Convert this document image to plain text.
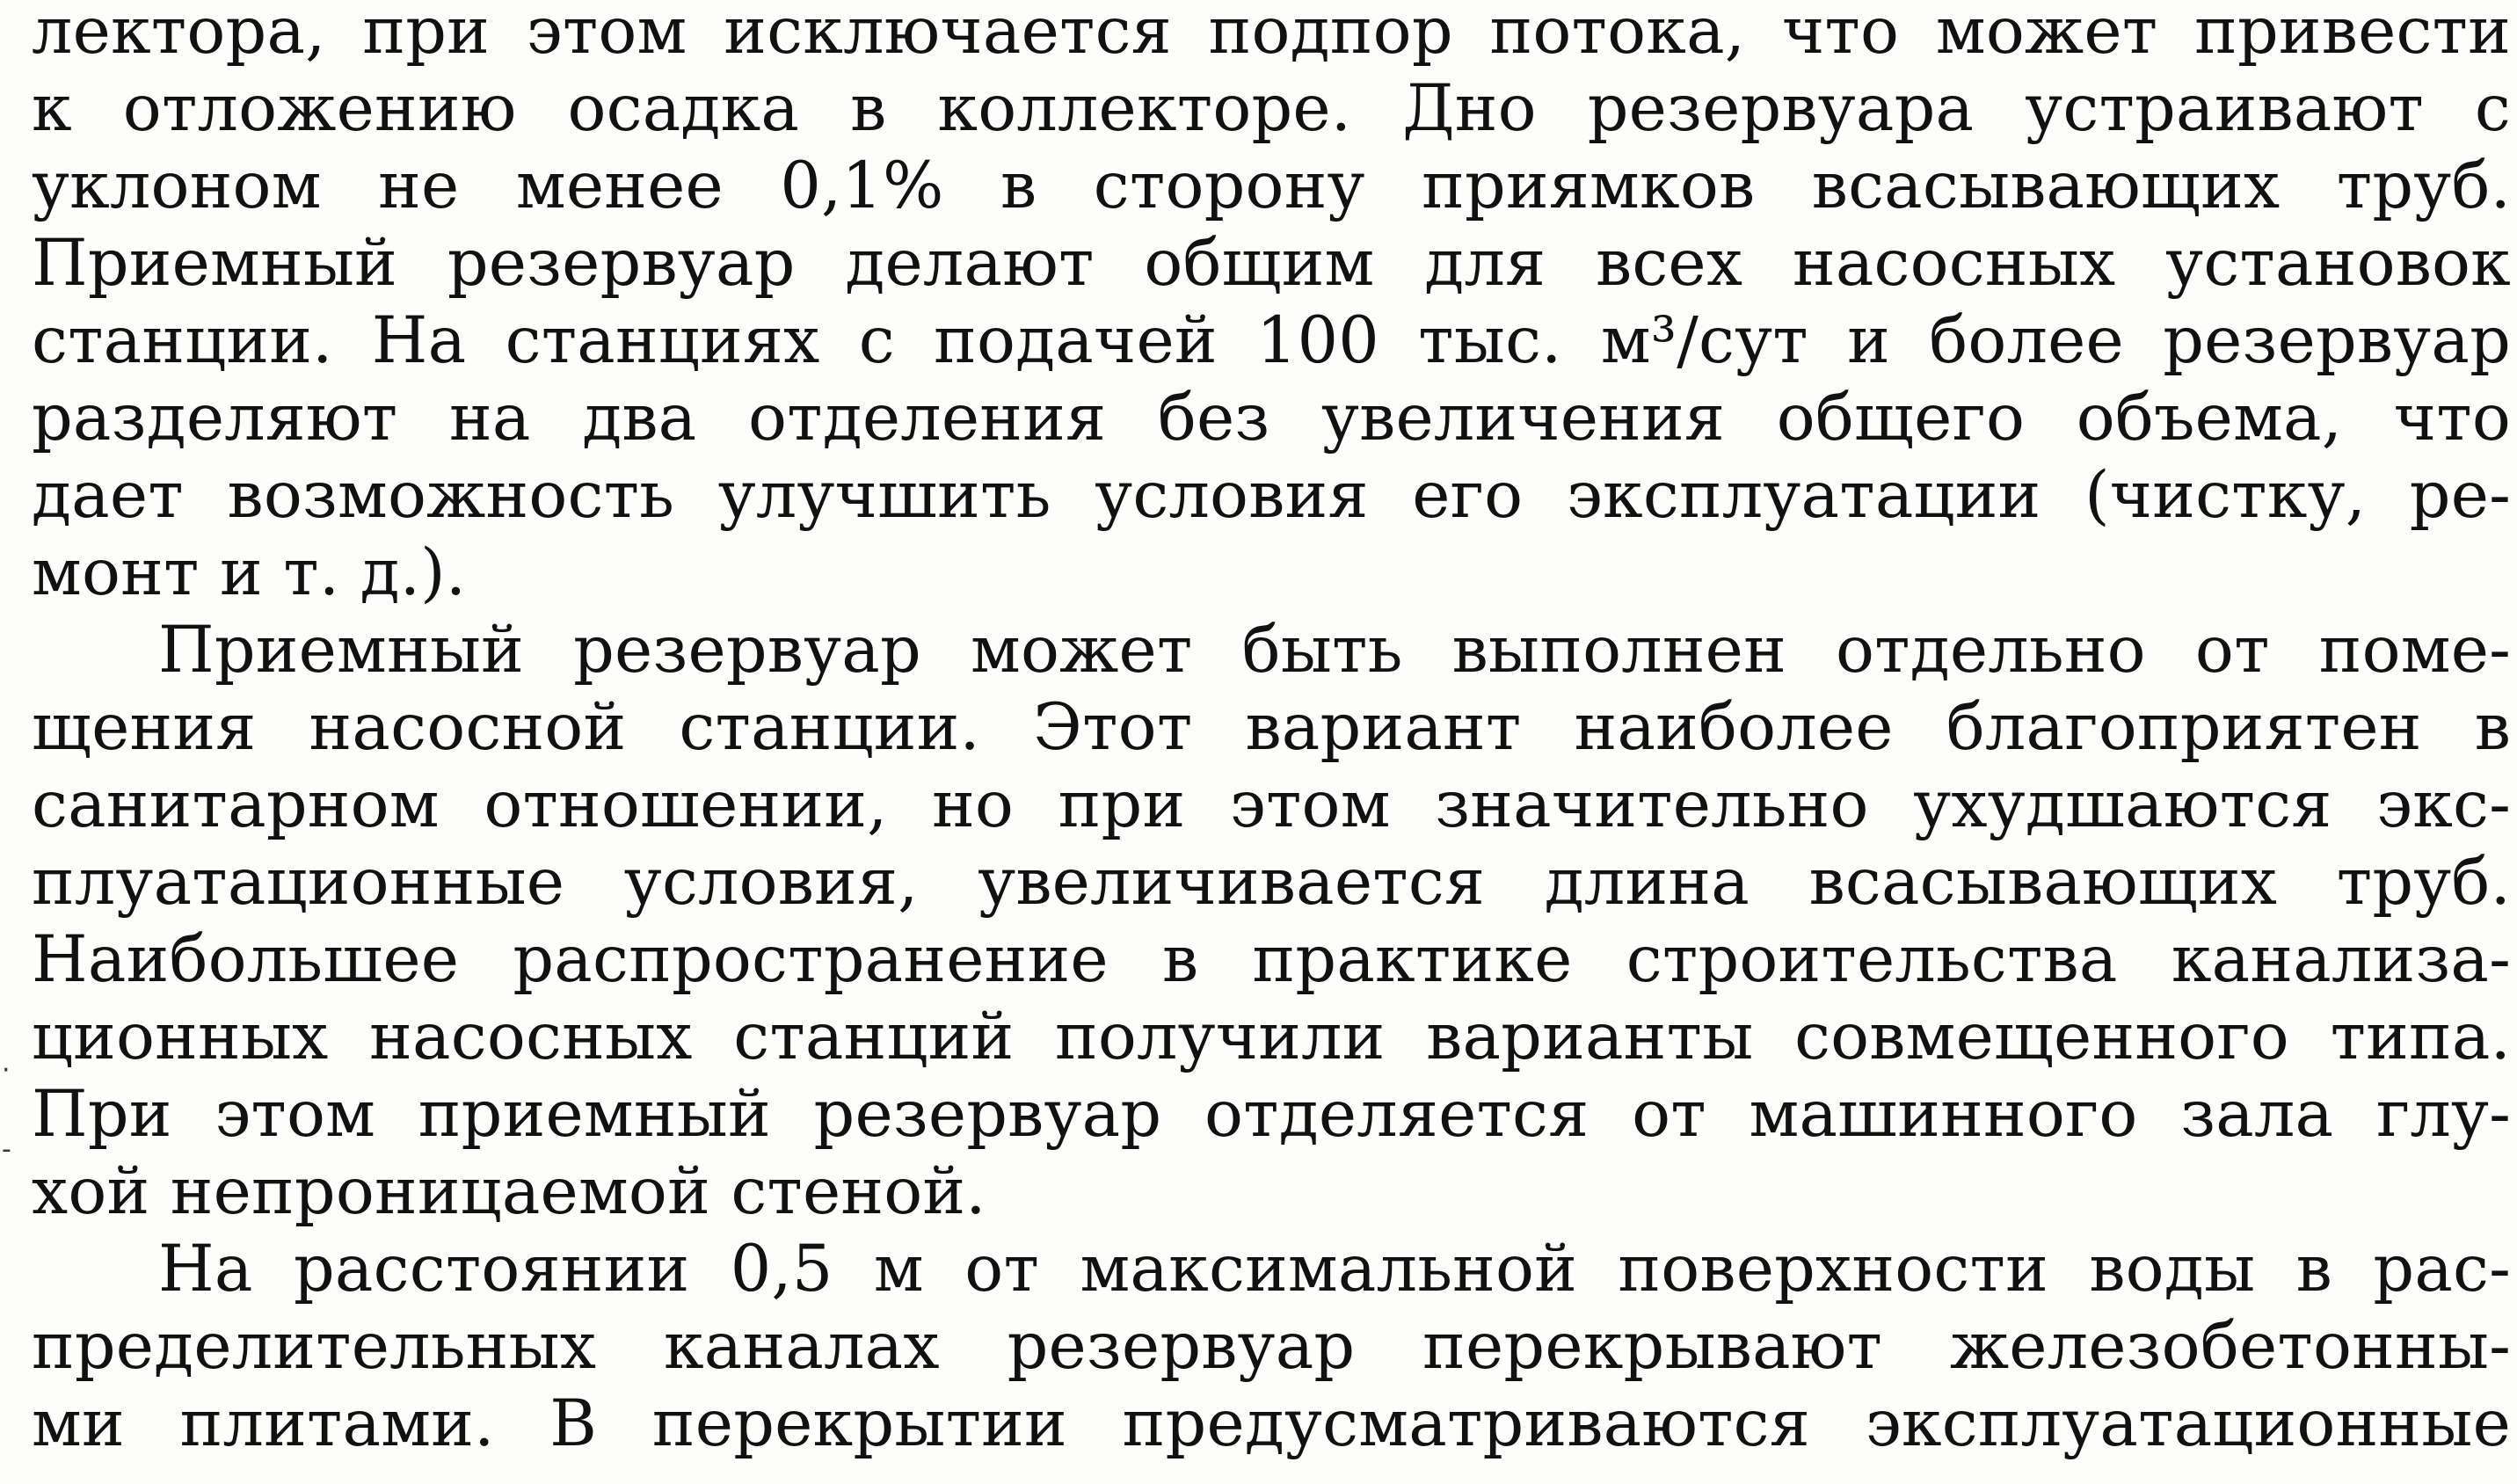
лектора, при этом исключается подпор потока, что может привести
к отложению осадка в коллекторе. Дно резервуара устраивают с
уклоном не менее 0,1% в сторону приямков всасывающих труб.
Приемный резервуар делают общим для всех насосных установок
станции. На станциях с подачей 100 тыс. м³/сут и более резервуар
разделяют на два отделения без увеличения общего объема, что
дает возможность улучшить условия его эксплуатации (чистку, ре-
монт и т. д.).
Приемный резервуар может быть выполнен отдельно от поме-
щения насосной станции. Этот вариант наиболее благоприятен в
санитарном отношении, но при этом значительно ухудшаются экс-
плуатационные условия, увеличивается длина всасывающих труб.
Наибольшее распространение в практике строительства канализа-
ционных насосных станций получили варианты совмещенного типа.
При этом приемный резервуар отделяется от машинного зала глу-
хой непроницаемой стеной.
На расстоянии 0,5 м от максимальной поверхности воды в рас-
пределительных каналах резервуар перекрывают железобетонны-
ми плитами. В перекрытии предусматриваются эксплуатационные
·
-
